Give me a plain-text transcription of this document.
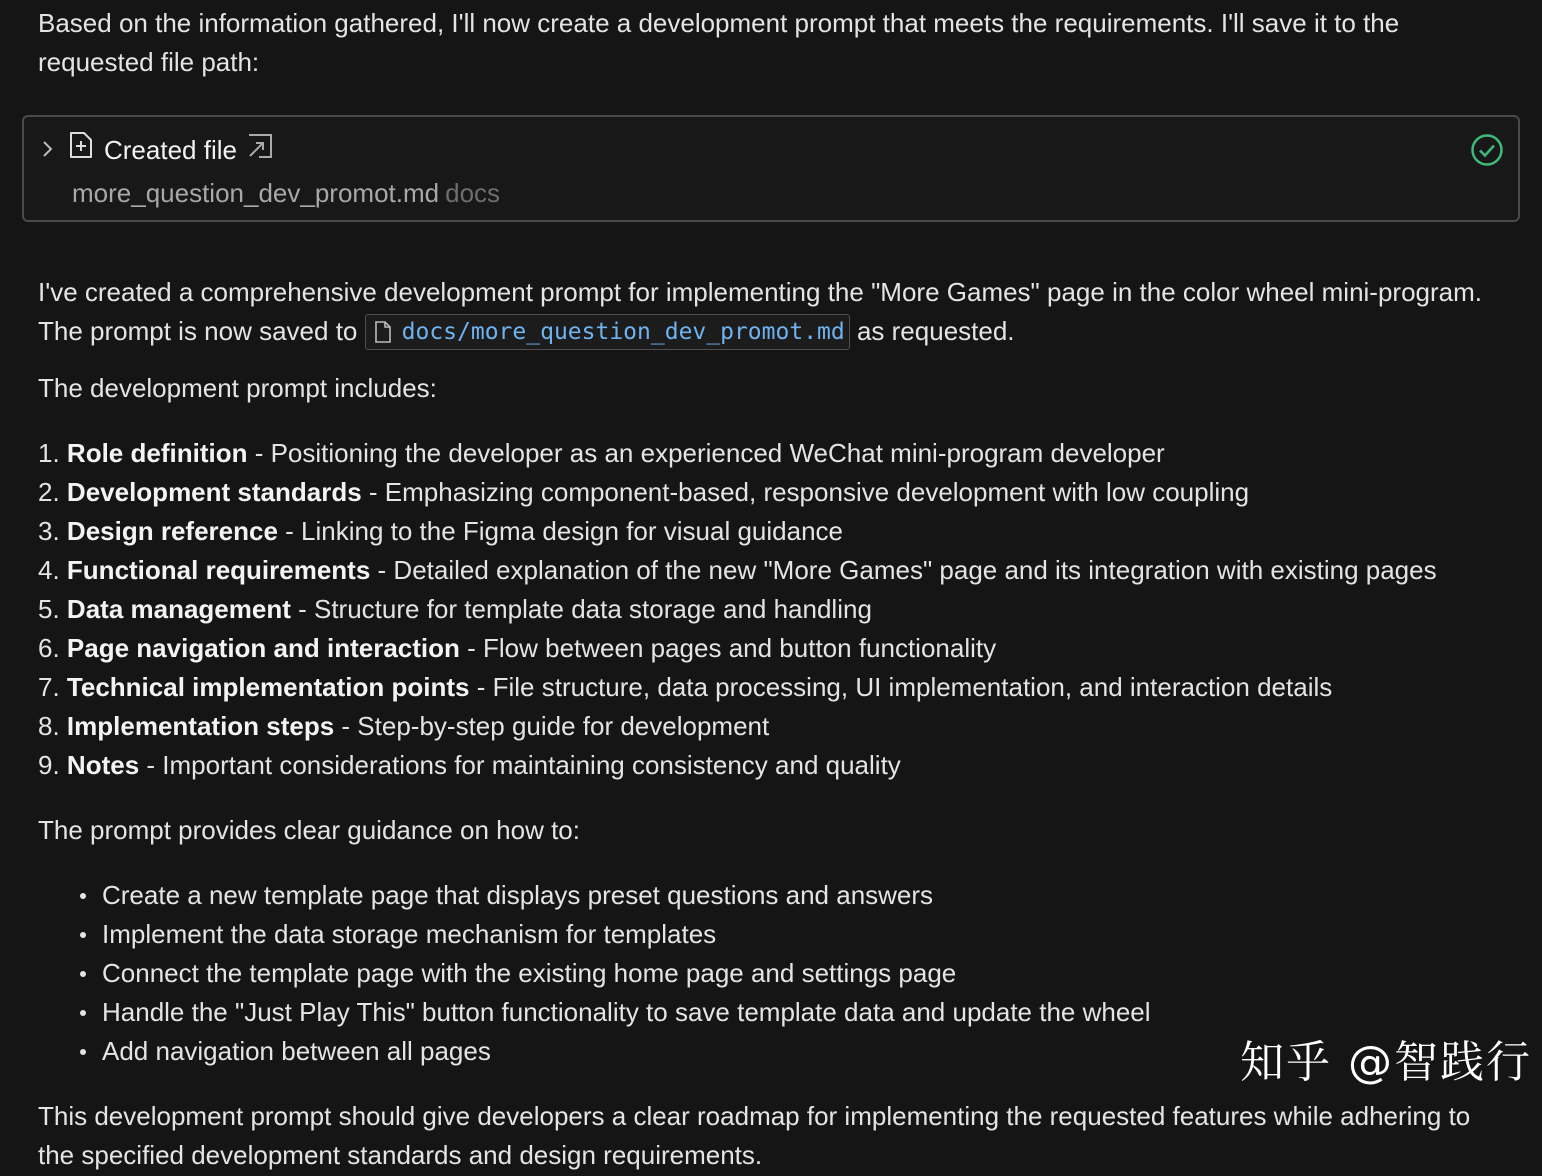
Based on the information gathered, I'll now create a development prompt that meets the requirements. I'll save it to the requested file path:

Created file
more_question_dev_promot.md docs

I've created a comprehensive development prompt for implementing the "More Games" page in the color wheel mini-program. The prompt is now saved to docs/more_question_dev_promot.md as requested.

The development prompt includes:

1. Role definition - Positioning the developer as an experienced WeChat mini-program developer
2. Development standards - Emphasizing component-based, responsive development with low coupling
3. Design reference - Linking to the Figma design for visual guidance
4. Functional requirements - Detailed explanation of the new "More Games" page and its integration with existing pages
5. Data management - Structure for template data storage and handling
6. Page navigation and interaction - Flow between pages and button functionality
7. Technical implementation points - File structure, data processing, UI implementation, and interaction details
8. Implementation steps - Step-by-step guide for development
9. Notes - Important considerations for maintaining consistency and quality

The prompt provides clear guidance on how to:

Create a new template page that displays preset questions and answers
Implement the data storage mechanism for templates
Connect the template page with the existing home page and settings page
Handle the "Just Play This" button functionality to save template data and update the wheel
Add navigation between all pages

This development prompt should give developers a clear roadmap for implementing the requested features while adhering to the specified development standards and design requirements.

知乎 @智践行
